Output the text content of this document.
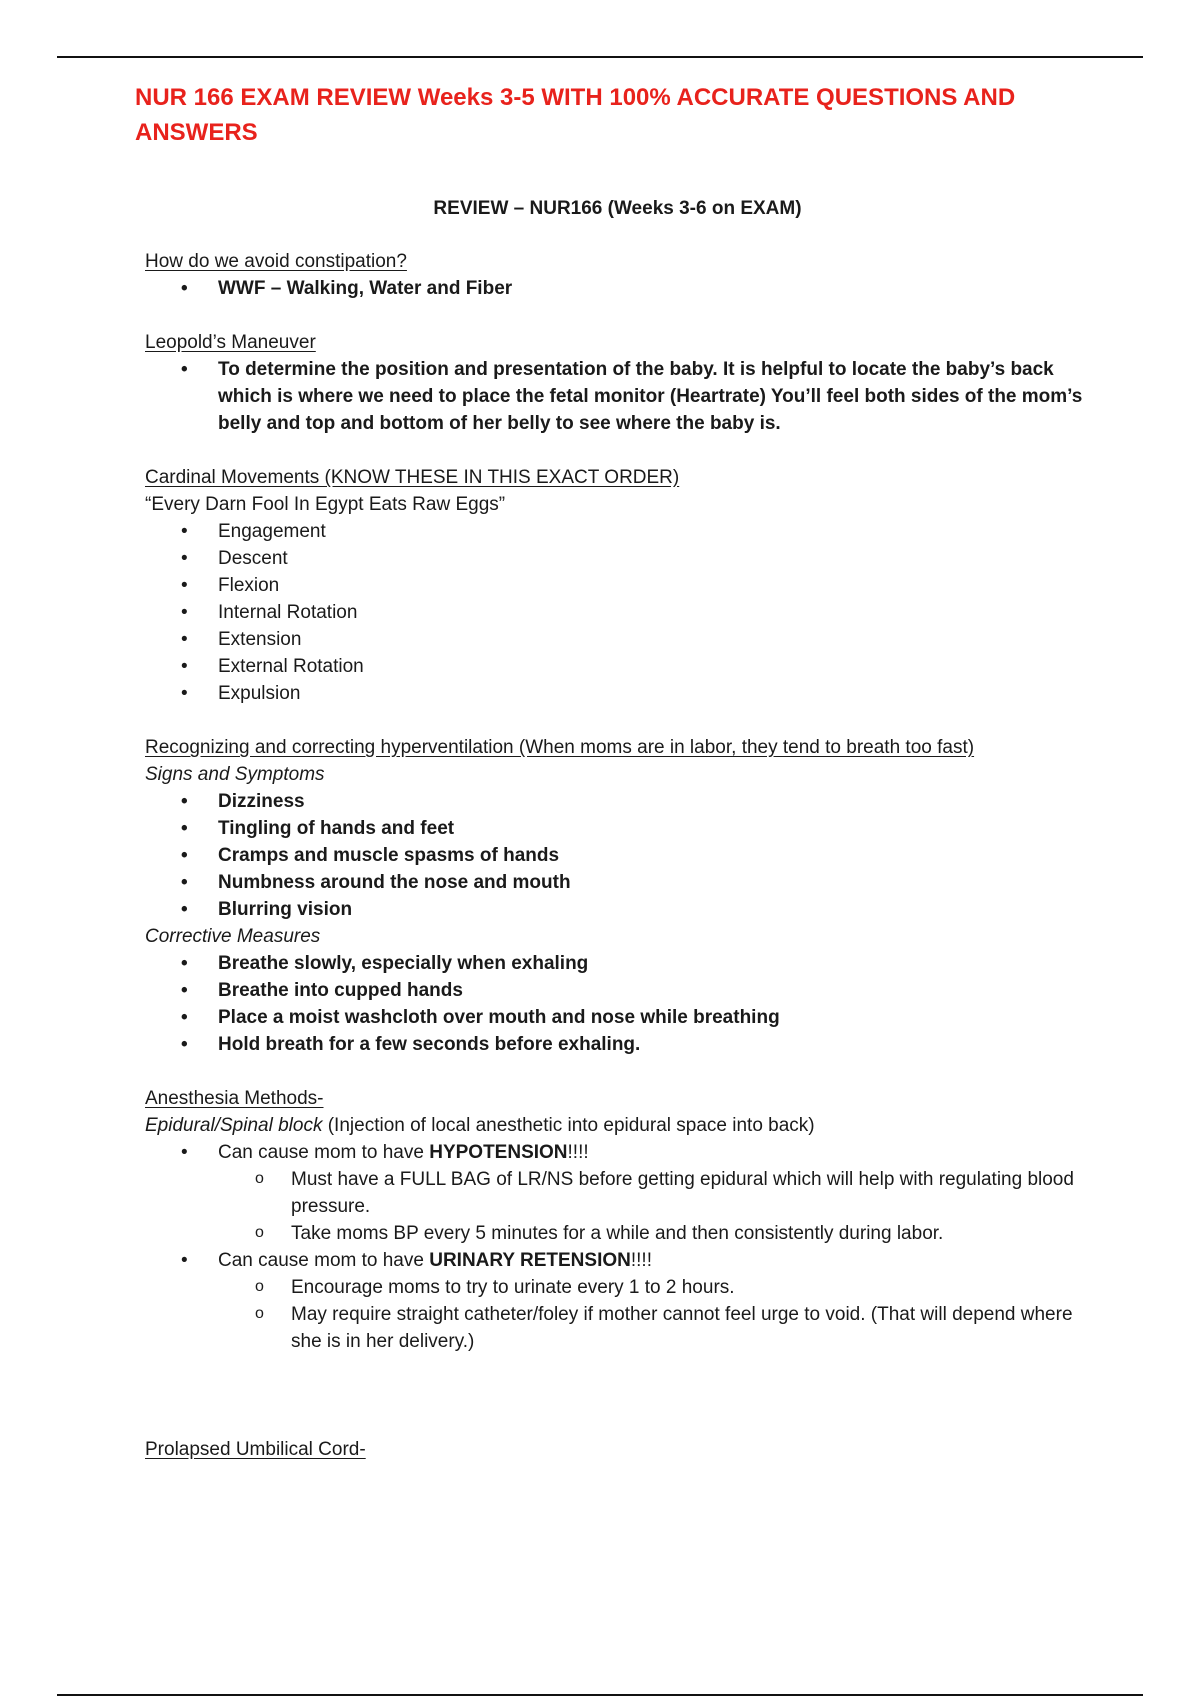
NUR 166 EXAM REVIEW Weeks 3-5 WITH 100% ACCURATE QUESTIONS AND ANSWERS
REVIEW – NUR166 (Weeks 3-6 on EXAM)
How do we avoid constipation?
• WWF – Walking, Water and Fiber
Leopold’s Maneuver
• To determine the position and presentation of the baby. It is helpful to locate the baby’s back which is where we need to place the fetal monitor (Heartrate) You’ll feel both sides of the mom’s belly and top and bottom of her belly to see where the baby is.
Cardinal Movements (KNOW THESE IN THIS EXACT ORDER)
“Every Darn Fool In Egypt Eats Raw Eggs”
• Engagement
• Descent
• Flexion
• Internal Rotation
• Extension
• External Rotation
• Expulsion
Recognizing and correcting hyperventilation (When moms are in labor, they tend to breath too fast)
Signs and Symptoms
• Dizziness
• Tingling of hands and feet
• Cramps and muscle spasms of hands
• Numbness around the nose and mouth
• Blurring vision
Corrective Measures
• Breathe slowly, especially when exhaling
• Breathe into cupped hands
• Place a moist washcloth over mouth and nose while breathing
• Hold breath for a few seconds before exhaling.
Anesthesia Methods-
Epidural/Spinal block (Injection of local anesthetic into epidural space into back)
• Can cause mom to have HYPOTENSION!!!!
o Must have a FULL BAG of LR/NS before getting epidural which will help with regulating blood pressure.
o Take moms BP every 5 minutes for a while and then consistently during labor.
• Can cause mom to have URINARY RETENSION!!!!
o Encourage moms to try to urinate every 1 to 2 hours.
o May require straight catheter/foley if mother cannot feel urge to void. (That will depend where she is in her delivery.)
Prolapsed Umbilical Cord-
